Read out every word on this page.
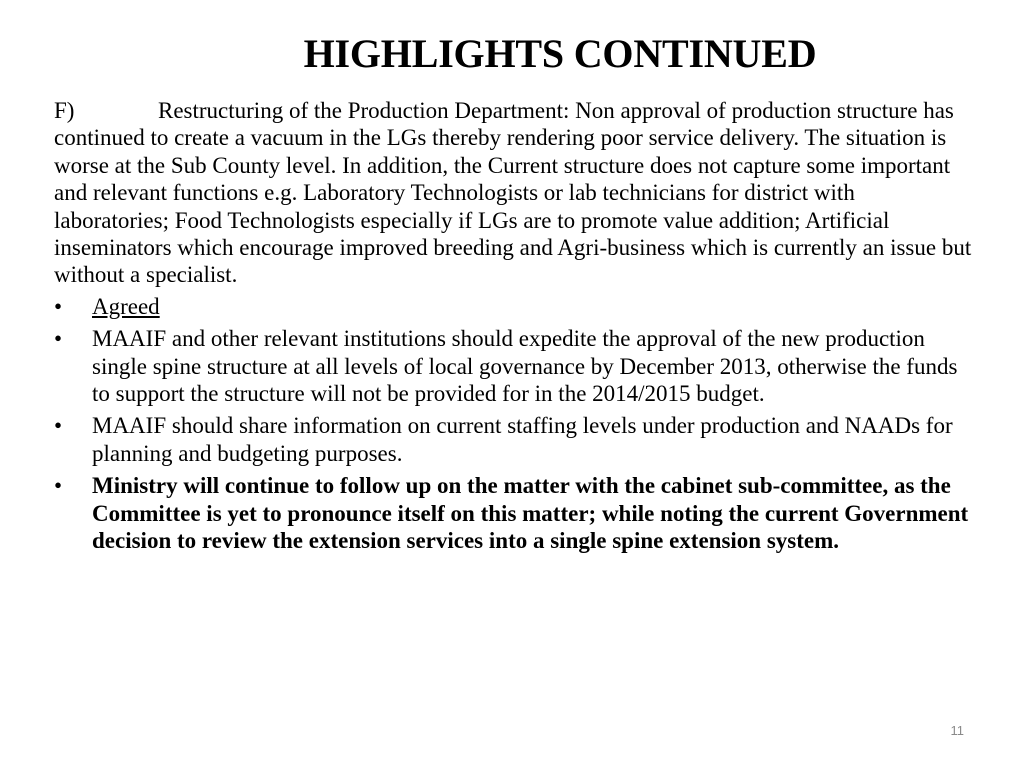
HIGHLIGHTS CONTINUED

F)	Restructuring of the Production Department: Non approval of production structure has continued to create a vacuum in the LGs thereby rendering poor service delivery. The situation is worse at the Sub County level. In addition, the Current structure does not capture some important and relevant functions e.g. Laboratory Technologists or lab technicians for district with laboratories; Food Technologists especially if LGs are to promote value addition; Artificial inseminators which encourage improved breeding and Agri-business which is currently an issue but without a specialist.

•	Agreed
•	MAAIF and other relevant institutions should expedite the approval of the new production single spine structure at all levels of local governance by December 2013, otherwise the funds to support the structure will not be provided for in the 2014/2015 budget.
•	MAAIF should share information on current staffing levels under production and NAADs for planning and budgeting purposes.
•	Ministry will continue to follow up on the matter with the cabinet sub-committee, as the Committee is yet to pronounce itself on this matter; while noting the current Government decision to review the extension services into a single spine extension system.
11
